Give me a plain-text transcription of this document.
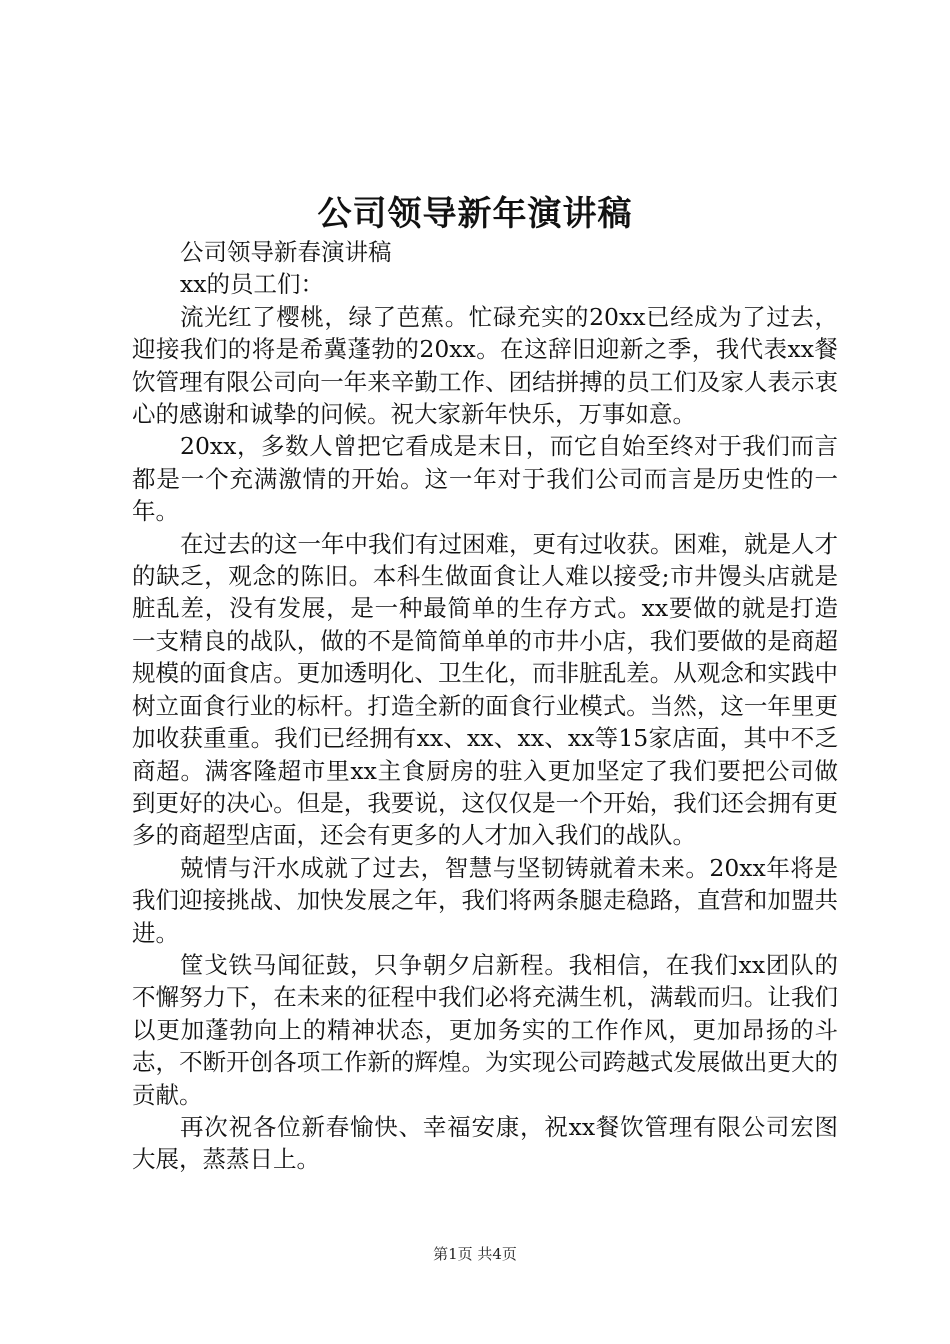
公司领导新年演讲稿

公司领导新春演讲稿

xx的员工们：

流光红了樱桃，绿了芭蕉。忙碌充实的20xx已经成为了过去，迎接我们的将是希冀蓬勃的20xx。在这辞旧迎新之季，我代表xx餐饮管理有限公司向一年来辛勤工作、团结拼搏的员工们及家人表示衷心的感谢和诚挚的问候。祝大家新年快乐，万事如意。

20xx，多数人曾把它看成是末日，而它自始至终对于我们而言都是一个充满激情的开始。这一年对于我们公司而言是历史性的一年。

在过去的这一年中我们有过困难，更有过收获。困难，就是人才的缺乏，观念的陈旧。本科生做面食让人难以接受;市井馒头店就是脏乱差，没有发展，是一种最简单的生存方式。xx要做的就是打造一支精良的战队，做的不是简简单单的市井小店，我们要做的是商超规模的面食店。更加透明化、卫生化，而非脏乱差。从观念和实践中树立面食行业的标杆。打造全新的面食行业模式。当然，这一年里更加收获重重。我们已经拥有xx、xx、xx、xx等15家店面，其中不乏商超。满客隆超市里xx主食厨房的驻入更加坚定了我们要把公司做到更好的决心。但是，我要说，这仅仅是一个开始，我们还会拥有更多的商超型店面，还会有更多的人才加入我们的战队。

兢情与汗水成就了过去，智慧与坚韧铸就着未来。20xx年将是我们迎接挑战、加快发展之年，我们将两条腿走稳路，直营和加盟共进。

筐戈铁马闻征鼓，只争朝夕启新程。我相信，在我们xx团队的不懈努力下，在未来的征程中我们必将充满生机，满载而归。让我们以更加蓬勃向上的精神状态，更加务实的工作作风，更加昂扬的斗志，不断开创各项工作新的辉煌。为实现公司跨越式发展做出更大的贡献。

再次祝各位新春愉快、幸福安康，祝xx餐饮管理有限公司宏图大展，蒸蒸日上。

第1页 共4页
